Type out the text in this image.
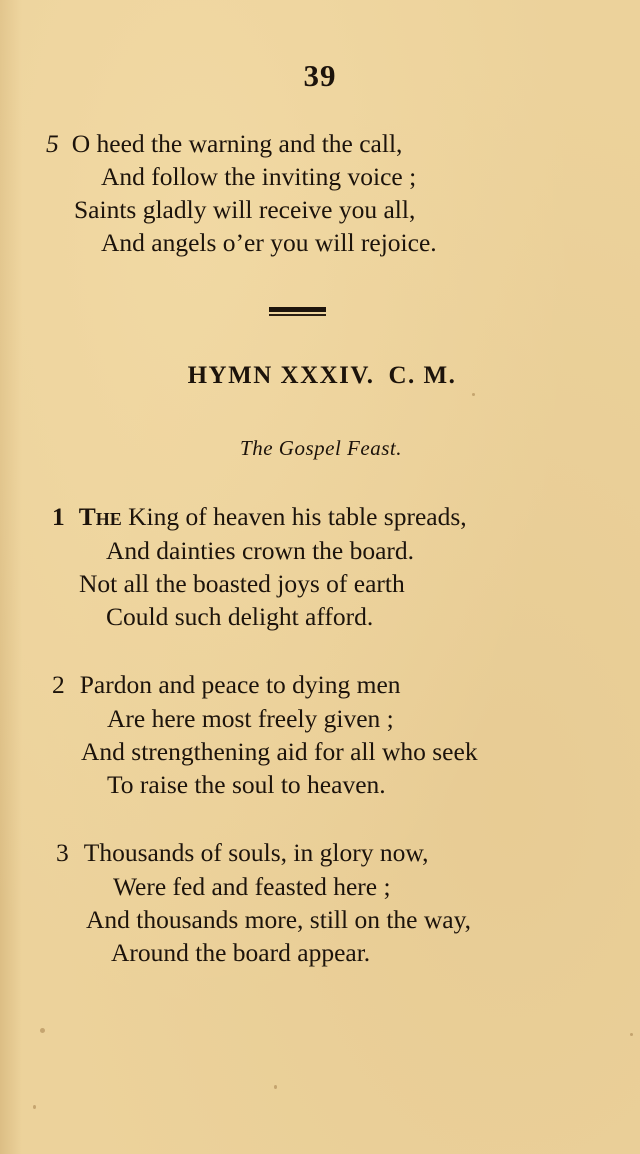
39
5 O heed the warning and the call,
And follow the inviting voice ;
Saints gladly will receive you all,
And angels o’er you will rejoice.
HYMN XXXIV. C. M.
The Gospel Feast.
1 The King of heaven his table spreads,
And dainties crown the board.
Not all the boasted joys of earth
Could such delight afford.
2 Pardon and peace to dying men
Are here most freely given ;
And strengthening aid for all who seek
To raise the soul to heaven.
3 Thousands of souls, in glory now,
Were fed and feasted here ;
And thousands more, still on the way,
Around the board appear.
